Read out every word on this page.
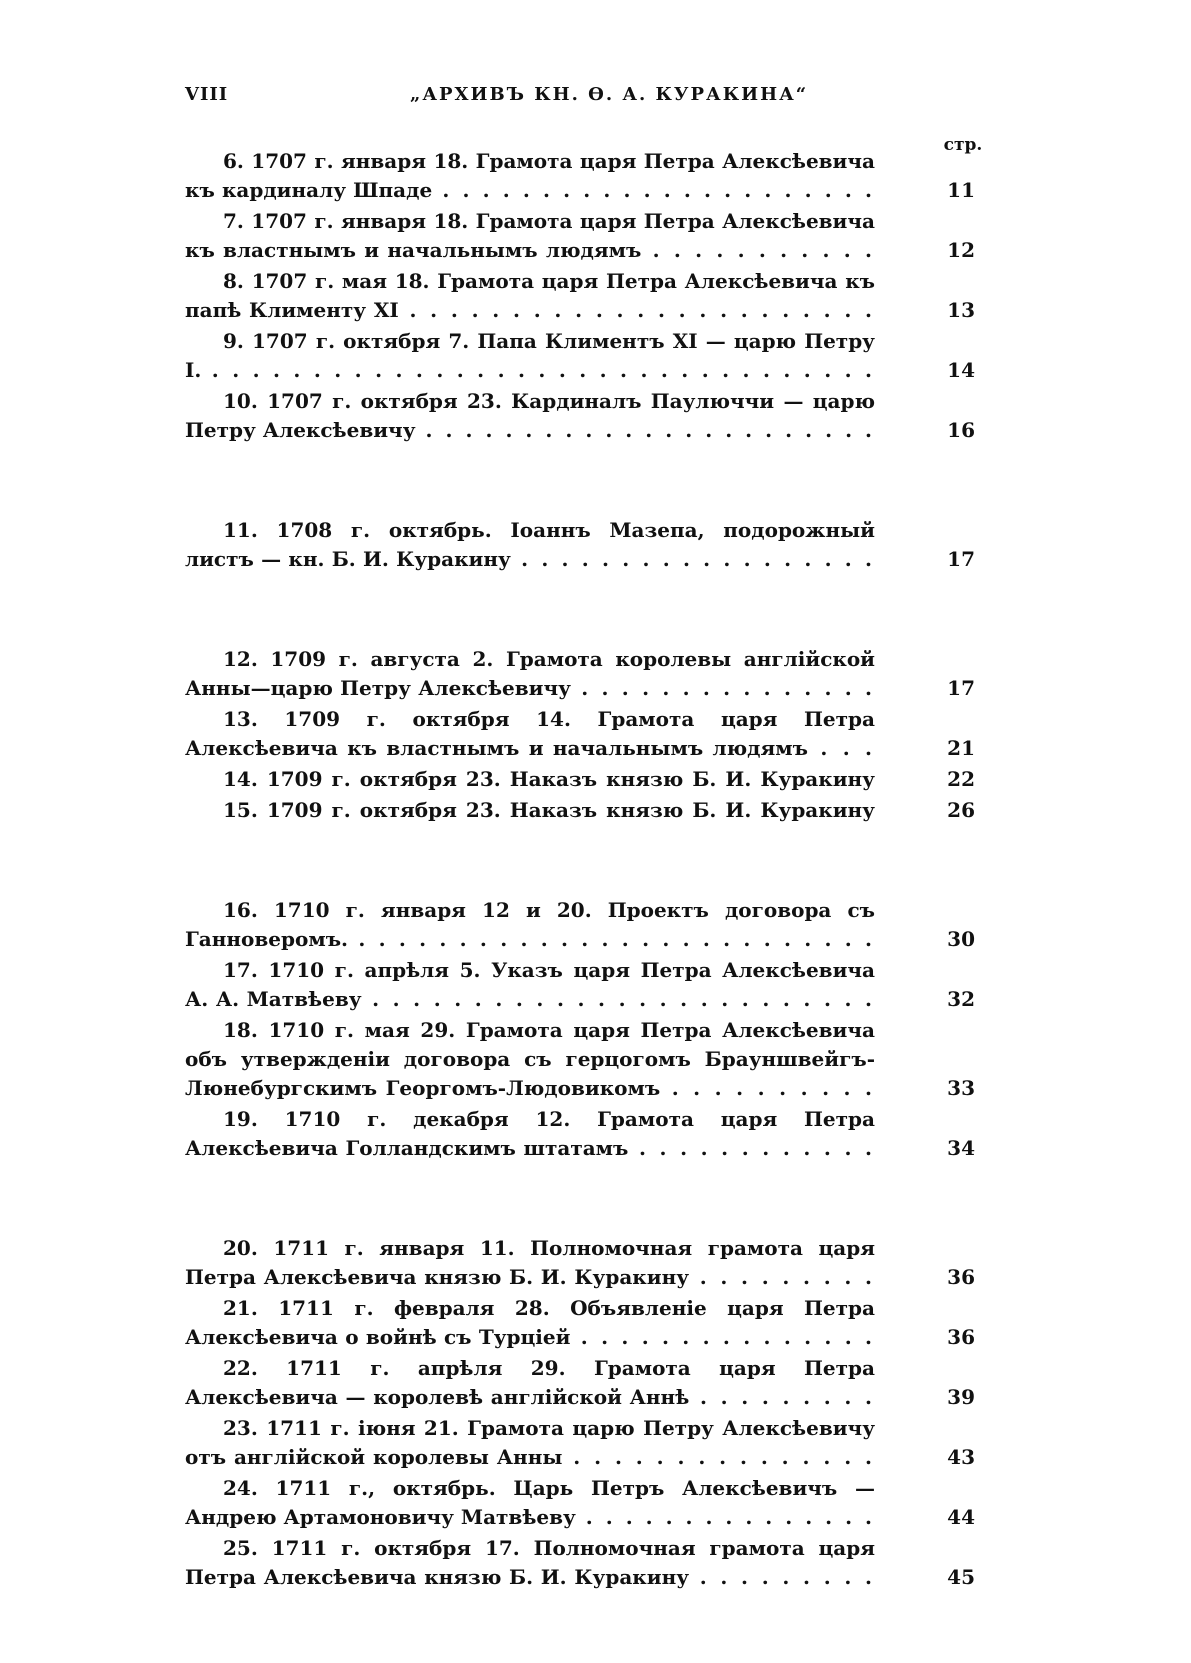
VIII	„АРХИВЪ КН. Ѳ. А. КУРАКИНА“
стр.
6. 1707 г. января 18. Грамота царя Петра Алексѣевича къ кардиналу Шпаде . . .	11
7. 1707 г. января 18. Грамота царя Петра Алексѣевича къ властнымъ и начальнымъ людямъ . . .	12
8. 1707 г. мая 18. Грамота царя Петра Алексѣевича къ папѣ Клименту XI . . .	13
9. 1707 г. октября 7. Папа Климентъ XI — царю Петру I. . . .	14
10. 1707 г. октября 23. Кардиналъ Паулюччи — царю Петру Алексѣевичу . . .	16
11. 1708 г. октябрь. Іоаннъ Мазепа, подорожный листъ — кн. Б. И. Куракину . . .	17
12. 1709 г. августа 2. Грамота королевы англійской Анны—царю Петру Алексѣевичу . . .	17
13. 1709 г. октября 14. Грамота царя Петра Алексѣевича къ властнымъ и начальнымъ людямъ . . .	21
14. 1709 г. октября 23. Наказъ князю Б. И. Куракину . . .	22
15. 1709 г. октября 23. Наказъ князю Б. И. Куракину . . .	26
16. 1710 г. января 12 и 20. Проектъ договора съ Ганноверомъ. . . .	30
17. 1710 г. апрѣля 5. Указъ царя Петра Алексѣевича А. А. Матвѣеву . . .	32
18. 1710 г. мая 29. Грамота царя Петра Алексѣевича объ утвержденіи договора съ герцогомъ Брауншвейгъ-Люнебургскимъ Георгомъ-Людовикомъ . . .	33
19. 1710 г. декабря 12. Грамота царя Петра Алексѣевича Голландскимъ штатамъ . . .	34
20. 1711 г. января 11. Полномочная грамота царя Петра Алексѣевича князю Б. И. Куракину . . .	36
21. 1711 г. февраля 28. Объявленіе царя Петра Алексѣевича о войнѣ съ Турціей . . .	36
22. 1711 г. апрѣля 29. Грамота царя Петра Алексѣевича — королевѣ англійской Аннѣ . . .	39
23. 1711 г. іюня 21. Грамота царю Петру Алексѣевичу отъ англійской королевы Анны . . .	43
24. 1711 г., октябрь. Царь Петръ Алексѣевичъ — Андрею Артамоновичу Матвѣеву . . .	44
25. 1711 г. октября 17. Полномочная грамота царя Петра Алексѣевича князю Б. И. Куракину . . .	45
